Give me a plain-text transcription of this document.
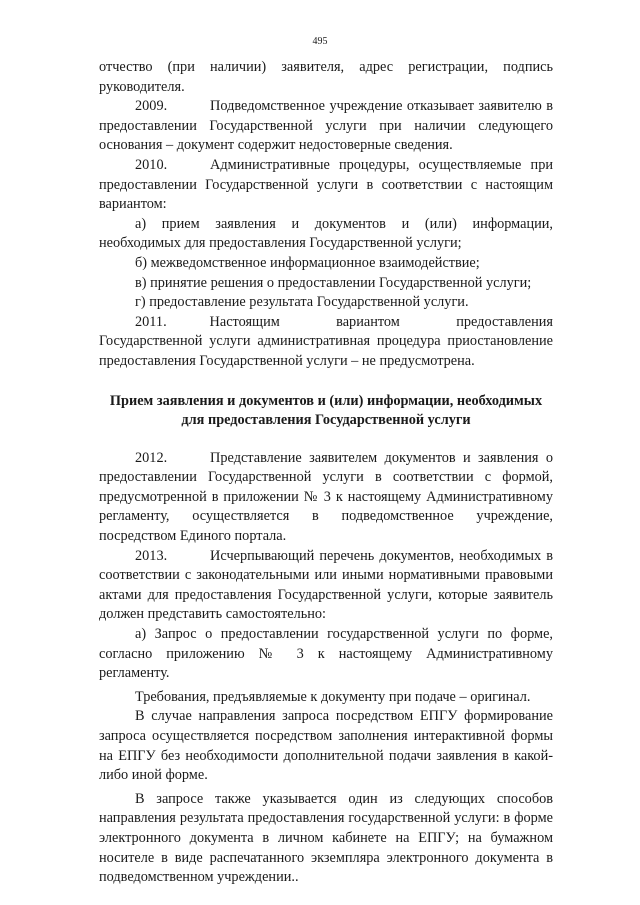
495

отчество (при наличии) заявителя, адрес регистрации, подпись руководителя.

2009.   Подведомственное учреждение отказывает заявителю в предоставлении Государственной услуги при наличии следующего основания – документ содержит недостоверные сведения.

2010.   Административные процедуры, осуществляемые при предоставлении Государственной услуги в соответствии с настоящим вариантом:

а) прием заявления и документов и (или) информации, необходимых для предоставления Государственной услуги;

б) межведомственное информационное взаимодействие;

в) принятие решения о предоставлении Государственной услуги;

г) предоставление результата Государственной услуги.

2011.   Настоящим вариантом предоставления Государственной услуги административная процедура приостановление предоставления Государственной услуги – не предусмотрена.

Прием заявления и документов и (или) информации, необходимых для предоставления Государственной услуги

2012.   Представление заявителем документов и заявления о предоставлении Государственной услуги в соответствии с формой, предусмотренной в приложении № 3 к настоящему Административному регламенту, осуществляется в подведомственное учреждение, посредством Единого портала.

2013.   Исчерпывающий перечень документов, необходимых в соответствии с законодательными или иными нормативными правовыми актами для предоставления Государственной услуги, которые заявитель должен представить самостоятельно:

а) Запрос о предоставлении государственной услуги по форме, согласно приложению № 3 к настоящему Административному регламенту.

Требования, предъявляемые к документу при подаче – оригинал.

В случае направления запроса посредством ЕПГУ формирование запроса осуществляется посредством заполнения интерактивной формы на ЕПГУ без необходимости дополнительной подачи заявления в какой-либо иной форме.

В запросе также указывается один из следующих способов направления результата предоставления государственной услуги: в форме электронного документа в личном кабинете на ЕПГУ; на бумажном носителе в виде распечатанного экземпляра электронного документа в подведомственном учреждении..
